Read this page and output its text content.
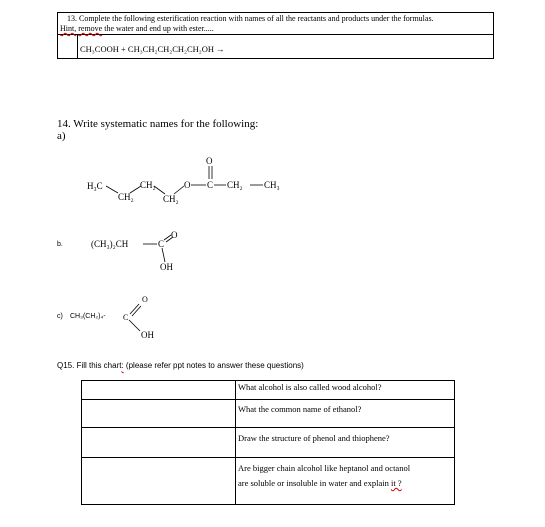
13. Complete the following esterification reaction with names of all the reactants and products under the formulas.
Hint, remove the water and end up with ester.....
CH₃COOH + CH₃CH₂CH₂CH₂CH₂OH →
14. Write systematic names for the following:
a)
H₃C	CH₂
CH₂	CH₂
O
O
C CH₂ CH₃
(CH₃)₂CH	C
O
OH
O
C
OH
b.
c) CH₃(CH₂)₄-
Q15. Fill this chart: (please refer ppt notes to answer these questions)
What alcohol is also called wood alcohol?
What the common name of ethanol?
Draw the structure of phenol and thiophene?
Are bigger chain alcohol like heptanol and octanol
are soluble or insoluble in water and explain it ?
